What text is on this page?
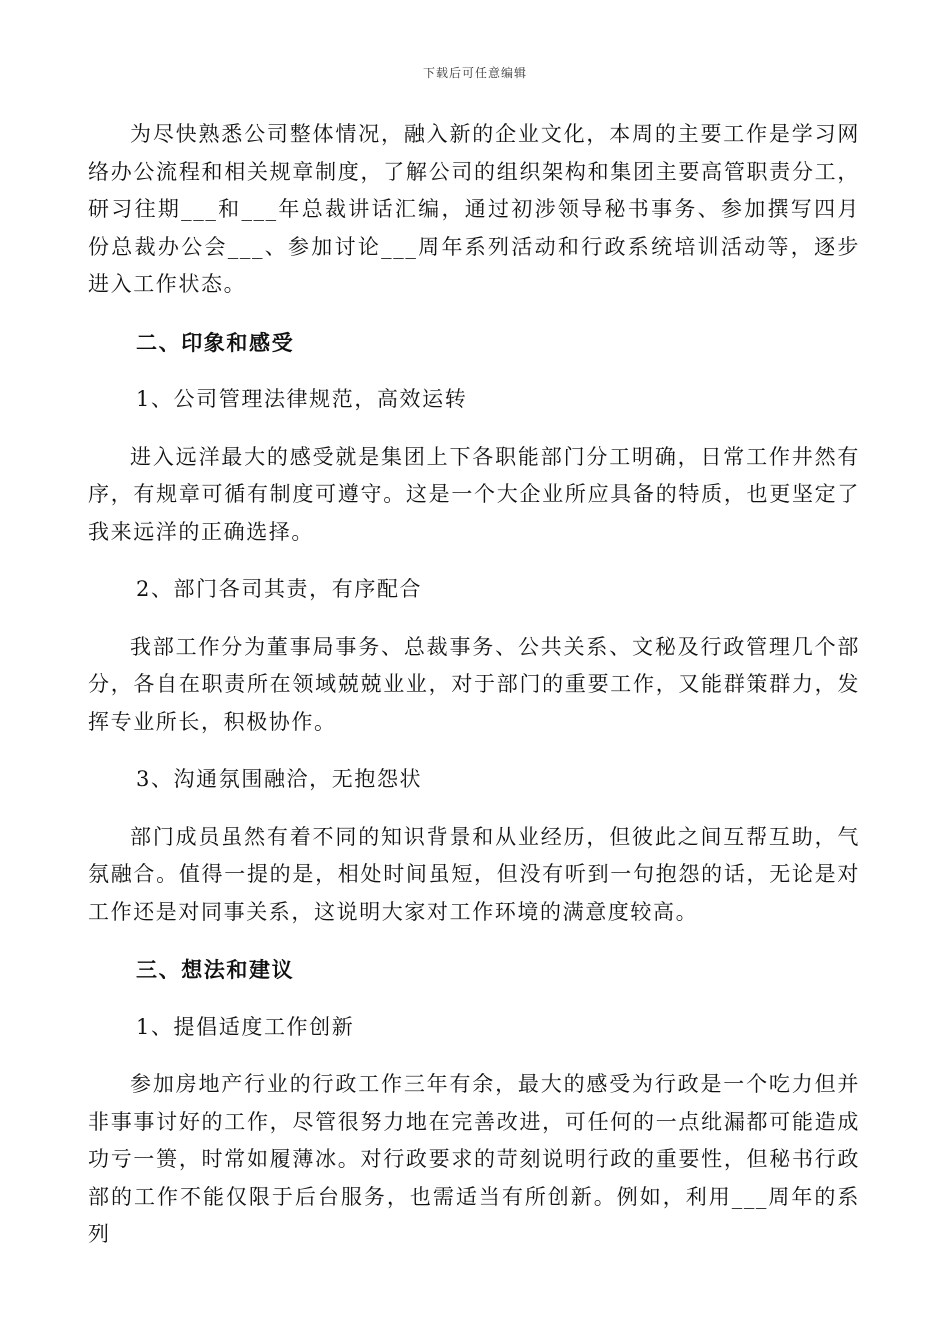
下载后可任意编辑

为尽快熟悉公司整体情况，融入新的企业文化，本周的主要工作是学习网络办公流程和相关规章制度，了解公司的组织架构和集团主要高管职责分工，研习往期___和___年总裁讲话汇编，通过初涉领导秘书事务、参加撰写四月份总裁办公会___、参加讨论___周年系列活动和行政系统培训活动等，逐步进入工作状态。

二、印象和感受

1、公司管理法律规范，高效运转

进入远洋最大的感受就是集团上下各职能部门分工明确，日常工作井然有序，有规章可循有制度可遵守。这是一个大企业所应具备的特质，也更坚定了我来远洋的正确选择。

2、部门各司其责，有序配合

我部工作分为董事局事务、总裁事务、公共关系、文秘及行政管理几个部分，各自在职责所在领域兢兢业业，对于部门的重要工作，又能群策群力，发挥专业所长，积极协作。

3、沟通氛围融洽，无抱怨状

部门成员虽然有着不同的知识背景和从业经历，但彼此之间互帮互助，气氛融合。值得一提的是，相处时间虽短，但没有听到一句抱怨的话，无论是对工作还是对同事关系，这说明大家对工作环境的满意度较高。

三、想法和建议

1、提倡适度工作创新

参加房地产行业的行政工作三年有余，最大的感受为行政是一个吃力但并非事事讨好的工作，尽管很努力地在完善改进，可任何的一点纰漏都可能造成功亏一篑，时常如履薄冰。对行政要求的苛刻说明行政的重要性，但秘书行政部的工作不能仅限于后台服务，也需适当有所创新。例如，利用___周年的系列
